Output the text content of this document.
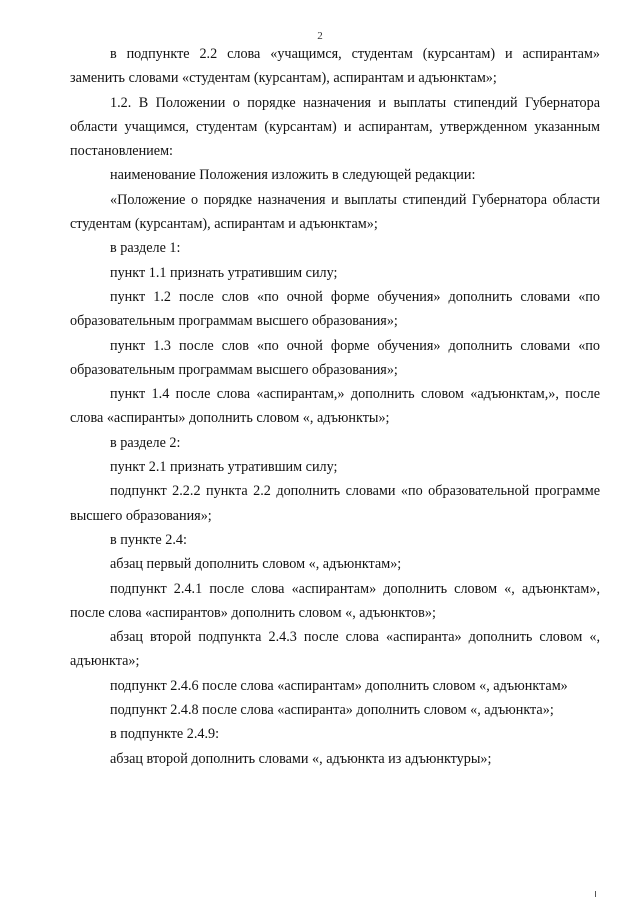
2

в подпункте 2.2 слова «учащимся, студентам (курсантам) и аспирантам» заменить словами «студентам (курсантам), аспирантам и адъюнктам»;

1.2. В Положении о порядке назначения и выплаты стипендий Губернатора области учащимся, студентам (курсантам) и аспирантам, утвержденном указанным постановлением:

наименование Положения изложить в следующей редакции:

«Положение о порядке назначения и выплаты стипендий Губернатора области студентам (курсантам), аспирантам и адъюнктам»;

в разделе 1:

пункт 1.1 признать утратившим силу;

пункт 1.2 после слов «по очной форме обучения» дополнить словами «по образовательным программам высшего образования»;

пункт 1.3 после слов «по очной форме обучения» дополнить словами «по образовательным программам высшего образования»;

пункт 1.4 после слова «аспирантам,» дополнить словом «адъюнктам,», после слова «аспиранты» дополнить словом «, адъюнкты»;

в разделе 2:

пункт 2.1 признать утратившим силу;

подпункт 2.2.2 пункта 2.2 дополнить словами «по образовательной программе высшего образования»;

в пункте 2.4:

абзац первый дополнить словом «, адъюнктам»;

подпункт 2.4.1 после слова «аспирантам» дополнить словом «, адъюнктам», после слова «аспирантов» дополнить словом «, адъюнктов»;

абзац второй подпункта 2.4.3 после слова «аспиранта» дополнить словом «, адъюнкта»;

подпункт 2.4.6 после слова «аспирантам» дополнить словом «, адъюнктам»

подпункт 2.4.8 после слова «аспиранта» дополнить словом «, адъюнкта»;

в подпункте 2.4.9:

абзац второй дополнить словами «, адъюнкта из адъюнктуры»;
